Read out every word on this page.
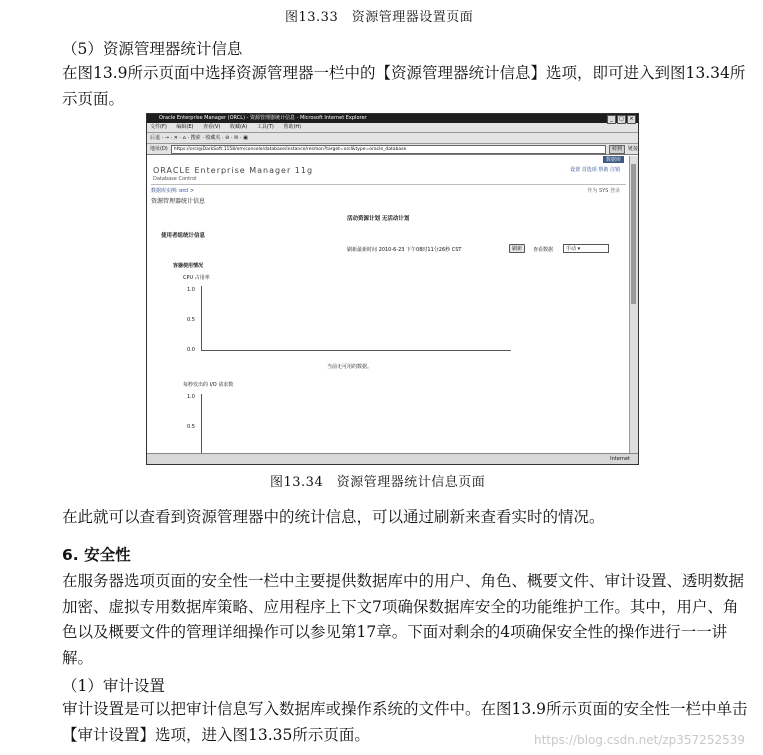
图13.33　资源管理器设置页面
（5）资源管理器统计信息
在图13.9所示页面中选择资源管理器一栏中的【资源管理器统计信息】选项，即可进入到图13.34所示页面。
Oracle Enterprise Manager (ORCL) - 资源管理器统计信息 - Microsoft Internet Explorer	_	□	×
文件(F) 编辑(E) 查看(V) 收藏(A) 工具(T) 帮助(H)
后退 · → · ✕ · ⌂ · 搜索 · 收藏夹 · ⊘ · ✉ · ▣
地址(D)	https://orcl@DarkSoft:1158/em/console/database/instance/resmon?target=orcl&type=oracle_database	转到	链接
数据库
ORACLE Enterprise Manager 11g
Database Control
设置 首选项 帮助 注销
数据库实例: orcl >	作为 SYS 登录
资源管理器统计信息
活动资源计划 无活动计划
使用者组统计信息
刷新最新时间 2010-6-23 下午08时11分26秒 CST	刷新	查看数据	手动 ▾
容器使用情况
CPU 占用率
1.0
0.5
0.0
当前无可用的数据。
每秒发出的 I/O 请求数
1.0
0.5
Internet
图13.34　资源管理器统计信息页面
在此就可以查看到资源管理器中的统计信息，可以通过刷新来查看实时的情况。
6. 安全性
在服务器选项页面的安全性一栏中主要提供数据库中的用户、角色、概要文件、审计设置、透明数据加密、虚拟专用数据库策略、应用程序上下文7项确保数据库安全的功能维护工作。其中，用户、角色以及概要文件的管理详细操作可以参见第17章。下面对剩余的4项确保安全性的操作进行一一讲解。
（1）审计设置
审计设置是可以把审计信息写入数据库或操作系统的文件中。在图13.9所示页面的安全性一栏中单击【审计设置】选项，进入图13.35所示页面。	https://blog.csdn.net/zp357252539
